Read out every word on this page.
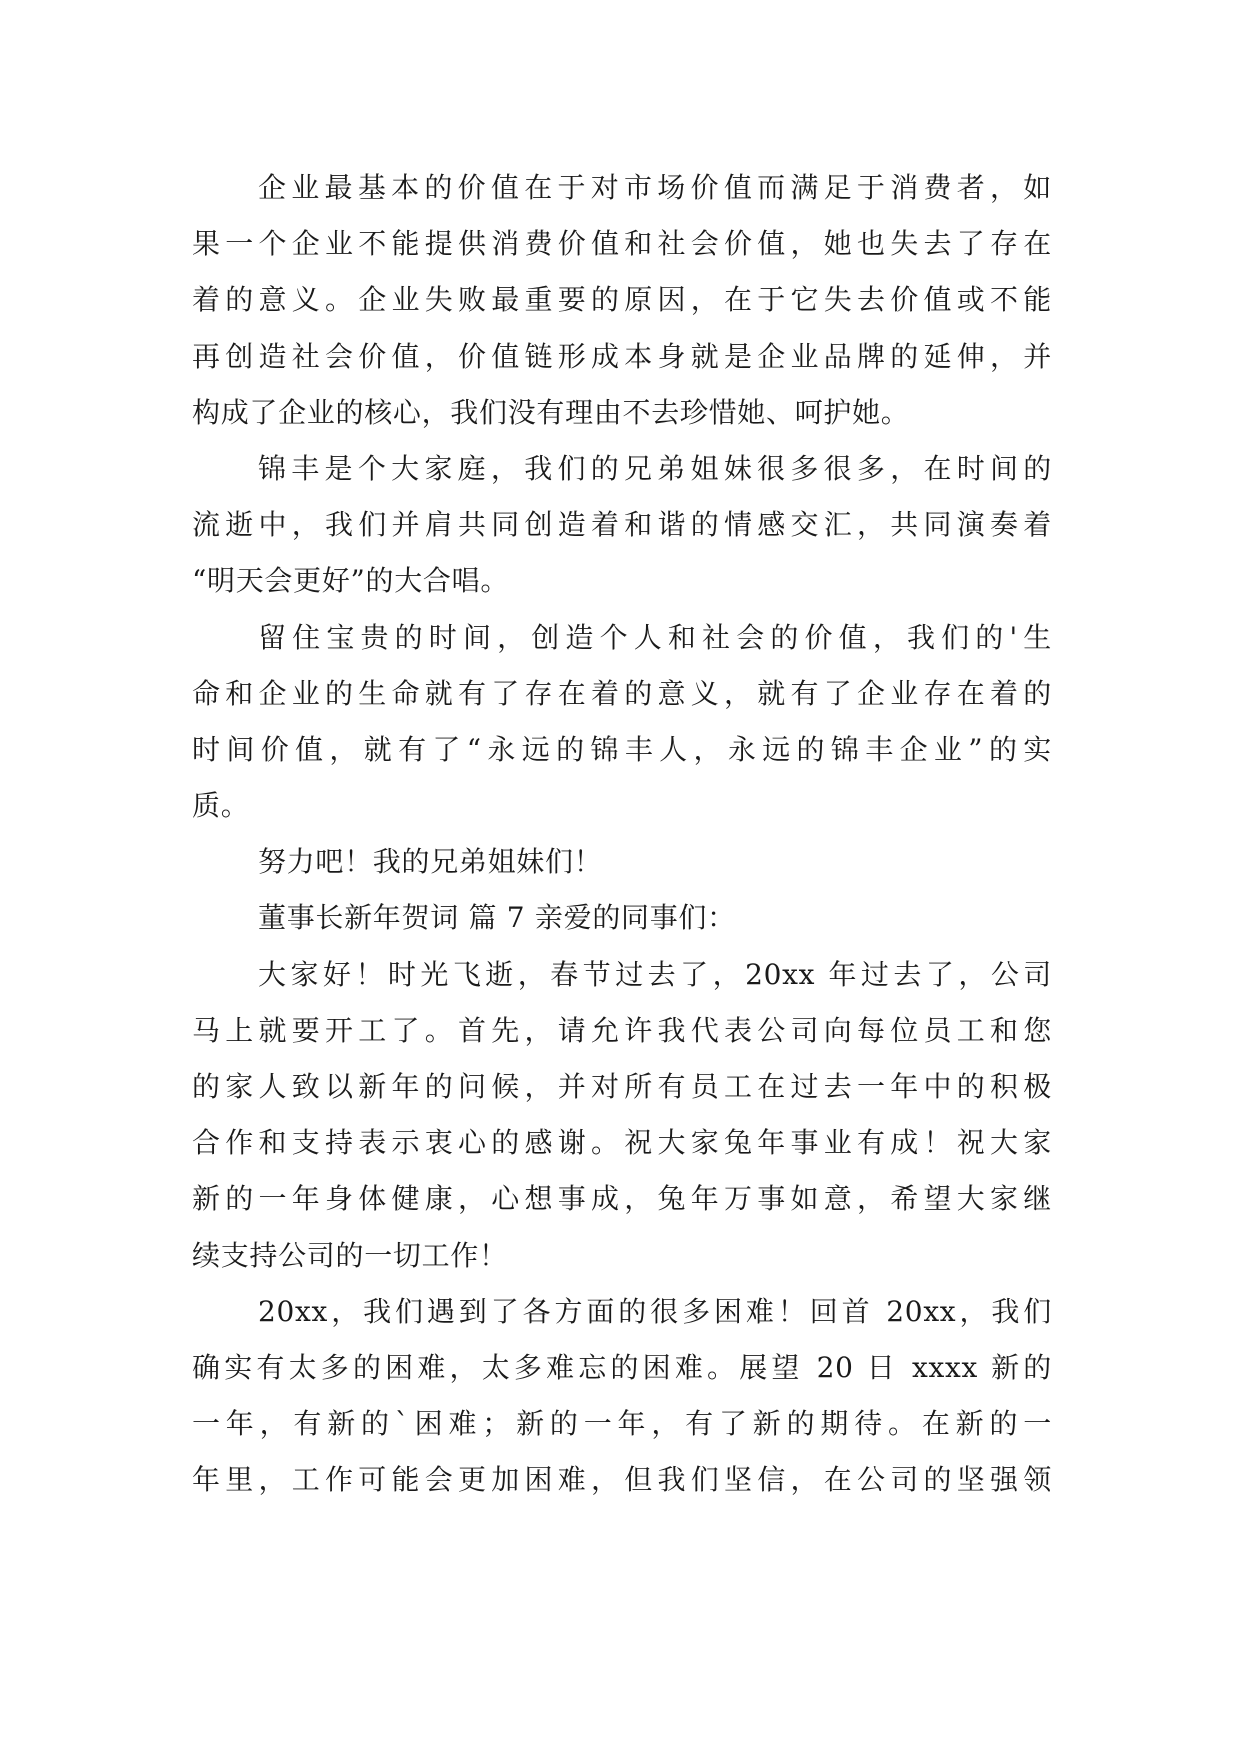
企业最基本的价值在于对市场价值而满足于消费者，如
果一个企业不能提供消费价值和社会价值，她也失去了存在
着的意义。企业失败最重要的原因，在于它失去价值或不能
再创造社会价值，价值链形成本身就是企业品牌的延伸，并
构成了企业的核心，我们没有理由不去珍惜她、呵护她。
锦丰是个大家庭，我们的兄弟姐妹很多很多，在时间的
流逝中，我们并肩共同创造着和谐的情感交汇，共同演奏着
“明天会更好”的大合唱。
留住宝贵的时间，创造个人和社会的价值，我们的'生
命和企业的生命就有了存在着的意义，就有了企业存在着的
时间价值，就有了“永远的锦丰人，永远的锦丰企业”的实
质。
努力吧！我的兄弟姐妹们！
董事长新年贺词 篇 7 亲爱的同事们：
大家好！时光飞逝，春节过去了，20xx 年过去了，公司
马上就要开工了。首先，请允许我代表公司向每位员工和您
的家人致以新年的问候，并对所有员工在过去一年中的积极
合作和支持表示衷心的感谢。祝大家兔年事业有成！祝大家
新的一年身体健康，心想事成，兔年万事如意，希望大家继
续支持公司的一切工作！
20xx，我们遇到了各方面的很多困难！回首 20xx，我们
确实有太多的困难，太多难忘的困难。展望 20 日 xxxx 新的
一年，有新的`困难；新的一年，有了新的期待。在新的一
年里，工作可能会更加困难，但我们坚信，在公司的坚强领
